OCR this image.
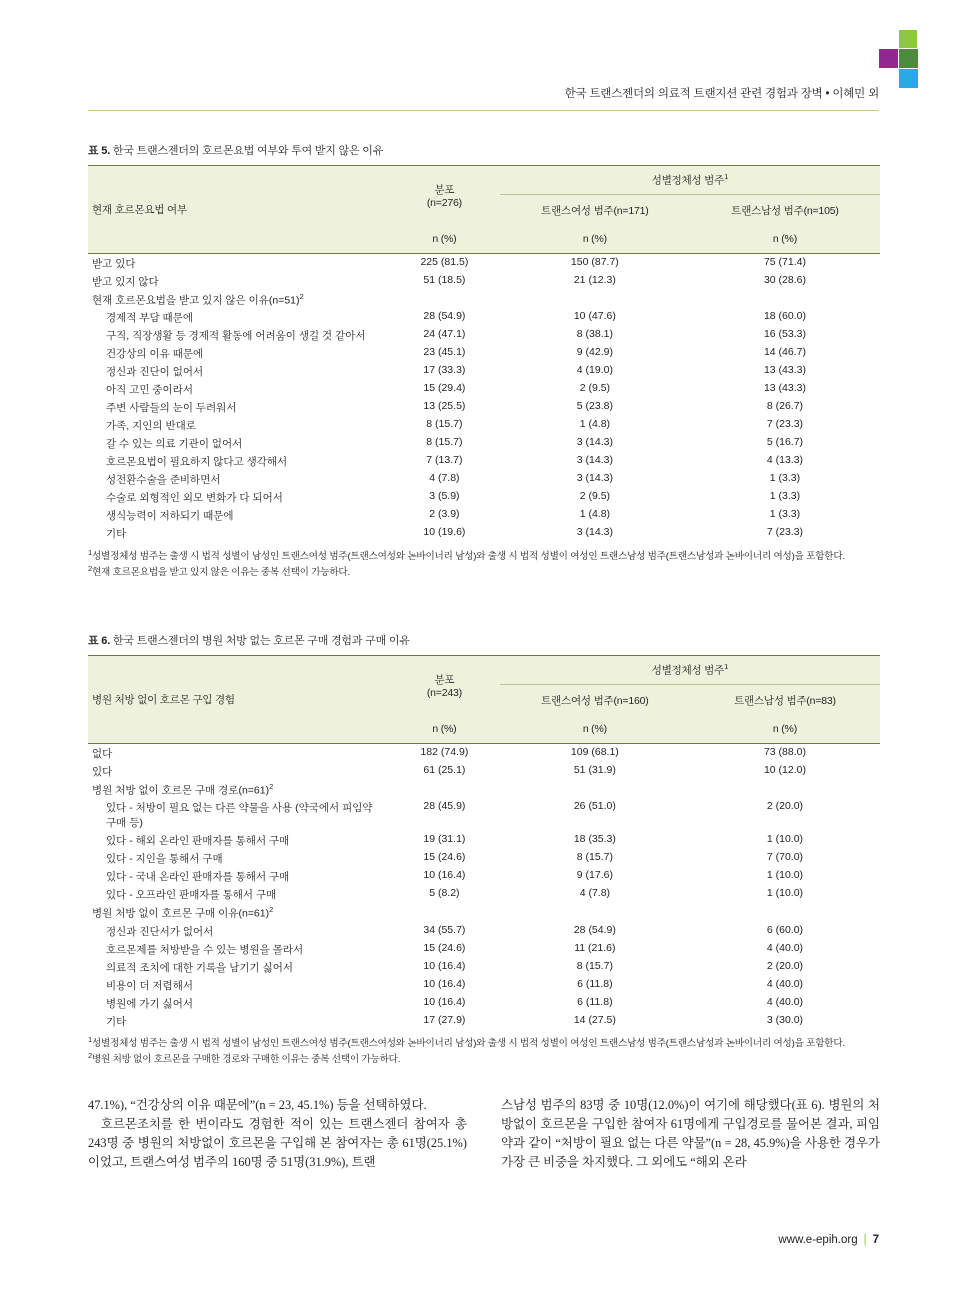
한국 트랜스젠더의 의료적 트랜지션 관련 경험과 장벽 • 이혜민 외
표 5. 한국 트랜스젠더의 호르몬요법 여부와 투여 받지 않은 이유
현재 호르몬요법 여부	분포
(n=276)	성별정체성 범주$^1$
		트랜스여성 범주(n=171)	트랜스남성 범주(n=105)
	n (%)	n (%)	n (%)
받고 있다	225 (81.5)	150 (87.7)	75 (71.4)
받고 있지 않다	51 (18.5)	21 (12.3)	30 (28.6)
현재 호르몬요법을 받고 있지 않은 이유(n=51)$^2$			
경제적 부담 때문에	28 (54.9)	10 (47.6)	18 (60.0)
구직, 직장생활 등 경제적 활동에 어려움이 생길 것 같아서	24 (47.1)	8 (38.1)	16 (53.3)
건강상의 이유 때문에	23 (45.1)	9 (42.9)	14 (46.7)
정신과 진단이 없어서	17 (33.3)	4 (19.0)	13 (43.3)
아직 고민 중이라서	15 (29.4)	2 (9.5)	13 (43.3)
주변 사람들의 눈이 두려워서	13 (25.5)	5 (23.8)	8 (26.7)
가족, 지인의 반대로	8 (15.7)	1 (4.8)	7 (23.3)
갈 수 있는 의료 기관이 없어서	8 (15.7)	3 (14.3)	5 (16.7)
호르몬요법이 필요하지 않다고 생각해서	7 (13.7)	3 (14.3)	4 (13.3)
성전환수술을 준비하면서	4 (7.8)	3 (14.3)	1 (3.3)
수술로 외형적인 외모 변화가 다 되어서	3 (5.9)	2 (9.5)	1 (3.3)
생식능력이 저하되기 때문에	2 (3.9)	1 (4.8)	1 (3.3)
기타	10 (19.6)	3 (14.3)	7 (23.3)
$^1$성별정체성 범주는 출생 시 법적 성별이 남성인 트랜스여성 범주(트랜스여성와 논바이너리 남성)와 출생 시 법적 성별이 여성인 트랜스남성 범주(트랜스남성과 논바이너리 여성)을 포함한다.
$^2$현재 호르몬요법을 받고 있지 않은 이유는 중복 선택이 가능하다.
표 6. 한국 트랜스젠더의 병원 처방 없는 호르몬 구매 경험과 구매 이유
병원 처방 없이 호르몬 구입 경험	분포
(n=243)	성별정체성 범주$^1$
		트랜스여성 범주(n=160)	트랜스남성 범주(n=83)
	n (%)	n (%)	n (%)
없다	182 (74.9)	109 (68.1)	73 (88.0)
있다	61 (25.1)	51 (31.9)	10 (12.0)
병원 처방 없이 호르몬 구매 경로(n=61)$^2$			
있다 - 처방이 필요 없는 다른 약물을 사용 (약국에서 피임약 구매 등)	28 (45.9)	26 (51.0)	2 (20.0)
있다 - 해외 온라인 판매자를 통해서 구매	19 (31.1)	18 (35.3)	1 (10.0)
있다 - 지인을 통해서 구매	15 (24.6)	8 (15.7)	7 (70.0)
있다 - 국내 온라인 판매자를 통해서 구매	10 (16.4)	9 (17.6)	1 (10.0)
있다 - 오프라인 판매자를 통해서 구매	5 (8.2)	4 (7.8)	1 (10.0)
병원 처방 없이 호르몬 구매 이유(n=61)$^2$			
정신과 진단서가 없어서	34 (55.7)	28 (54.9)	6 (60.0)
호르몬제를 처방받을 수 있는 병원을 몰라서	15 (24.6)	11 (21.6)	4 (40.0)
의료적 조치에 대한 기록을 남기기 싫어서	10 (16.4)	8 (15.7)	2 (20.0)
비용이 더 저렴해서	10 (16.4)	6 (11.8)	4 (40.0)
병원에 가기 싫어서	10 (16.4)	6 (11.8)	4 (40.0)
기타	17 (27.9)	14 (27.5)	3 (30.0)
$^1$성별정체성 범주는 출생 시 법적 성별이 남성인 트랜스여성 범주(트랜스여성와 논바이너리 남성)와 출생 시 법적 성별이 여성인 트랜스남성 범주(트랜스남성과 논바이너리 여성)을 포함한다.
$^2$병원 처방 없이 호르몬을 구매한 경로와 구매한 이유는 중복 선택이 가능하다.

47.1%), “건강상의 이유 때문에”(n = 23, 45.1%) 등을 선택하였다.

호르몬조치를 한 번이라도 경험한 적이 있는 트랜스젠더 참여자 총 243명 중 병원의 처방없이 호르몬을 구입해 본 참여자는 총 61명(25.1%)이었고, 트랜스여성 범주의 160명 중 51명(31.9%), 트랜

스남성 범주의 83명 중 10명(12.0%)이 여기에 해당했다(표 6). 병원의 처방없이 호르몬을 구입한 참여자 61명에게 구입경로를 물어본 결과, 피임약과 같이 “처방이 필요 없는 다른 약물”(n = 28, 45.9%)을 사용한 경우가 가장 큰 비중을 차지했다. 그 외에도 “해외 온라

www.e-epih.org | 7
